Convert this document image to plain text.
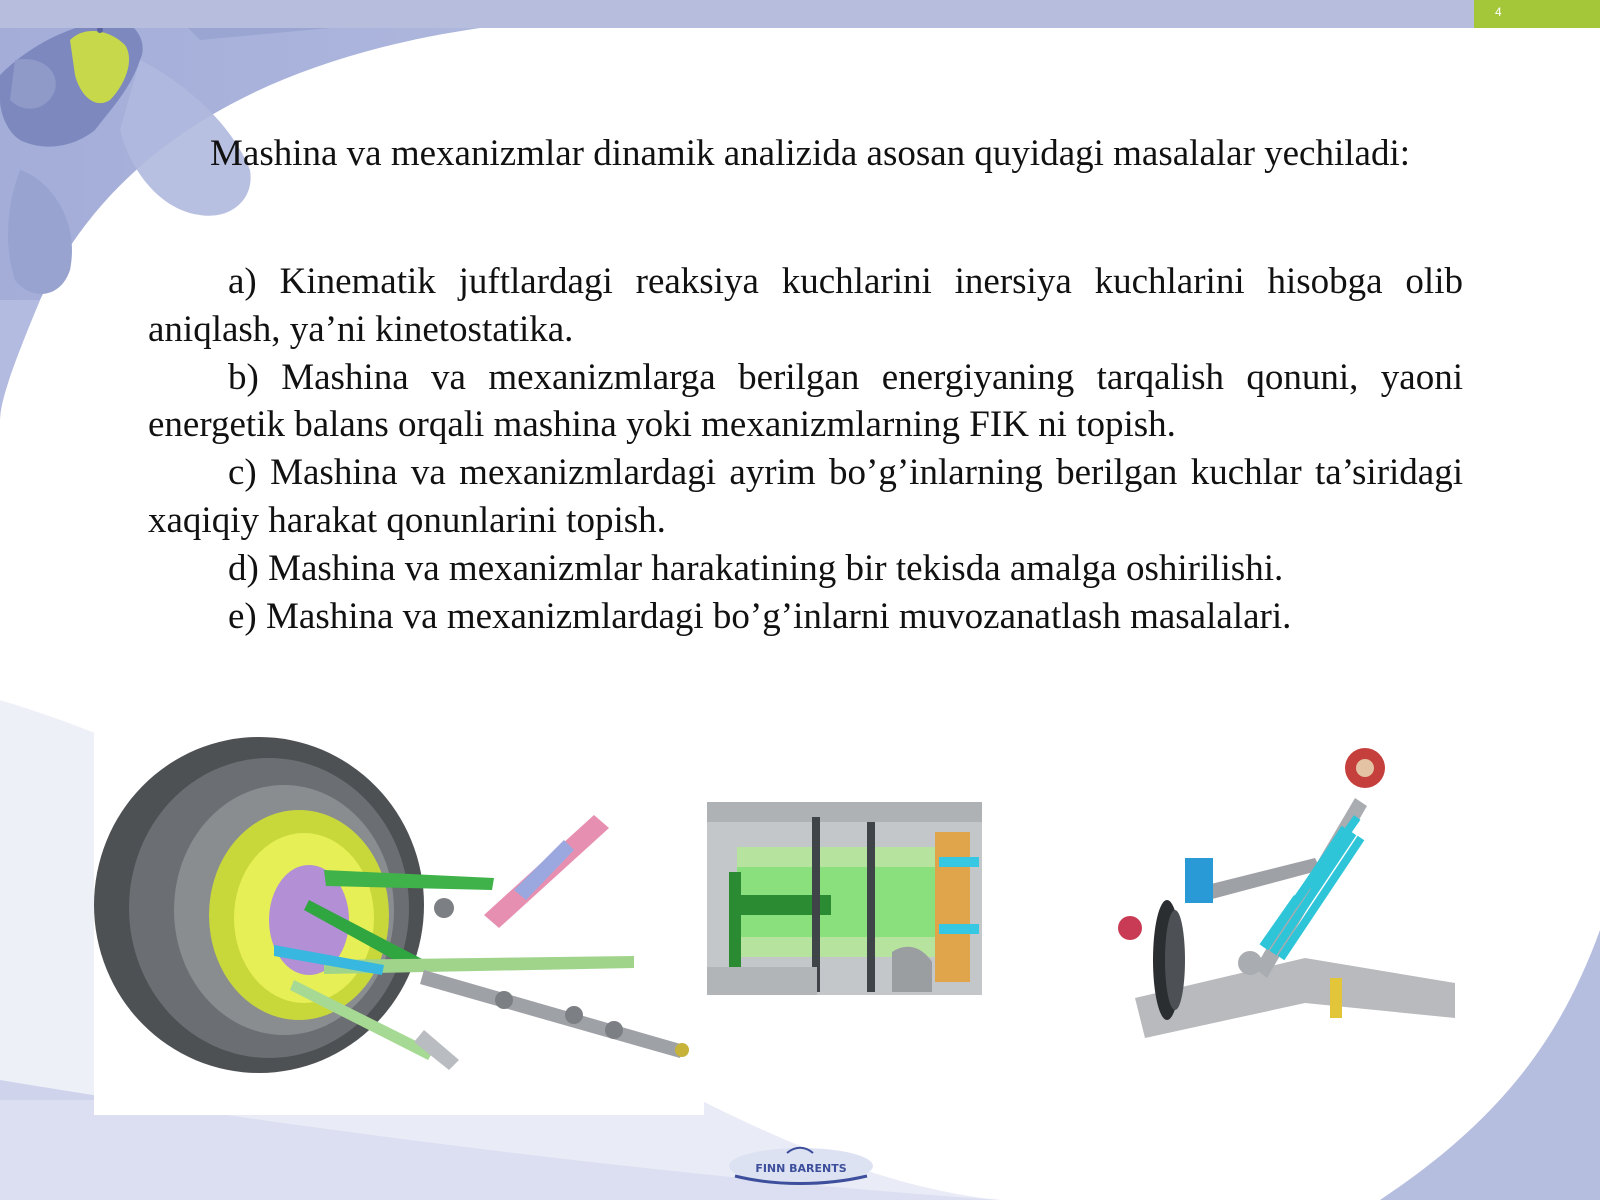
4
Mashina va mexanizmlar dinamik analizida asosan quyidagi masalalar yechiladi:

a) Kinematik juftlardagi reaksiya kuchlarini inersiya kuchlarini hisobga olib aniqlash, ya’ni kinetostatika.

b) Mashina va mexanizmlarga berilgan energiyaning tarqalish qonuni, yaoni energetik balans orqali mashina yoki mexanizmlarning FIK ni topish.

c) Mashina va mexanizmlardagi ayrim bo’g’inlarning berilgan kuchlar ta’siridagi xaqiqiy harakat qonunlarini topish.

d) Mashina va mexanizmlar harakatining bir tekisda amalga oshirilishi.

e) Mashina va mexanizmlardagi bo’g’inlarni muvozanatlash masalalari.

FINN BARENTS
